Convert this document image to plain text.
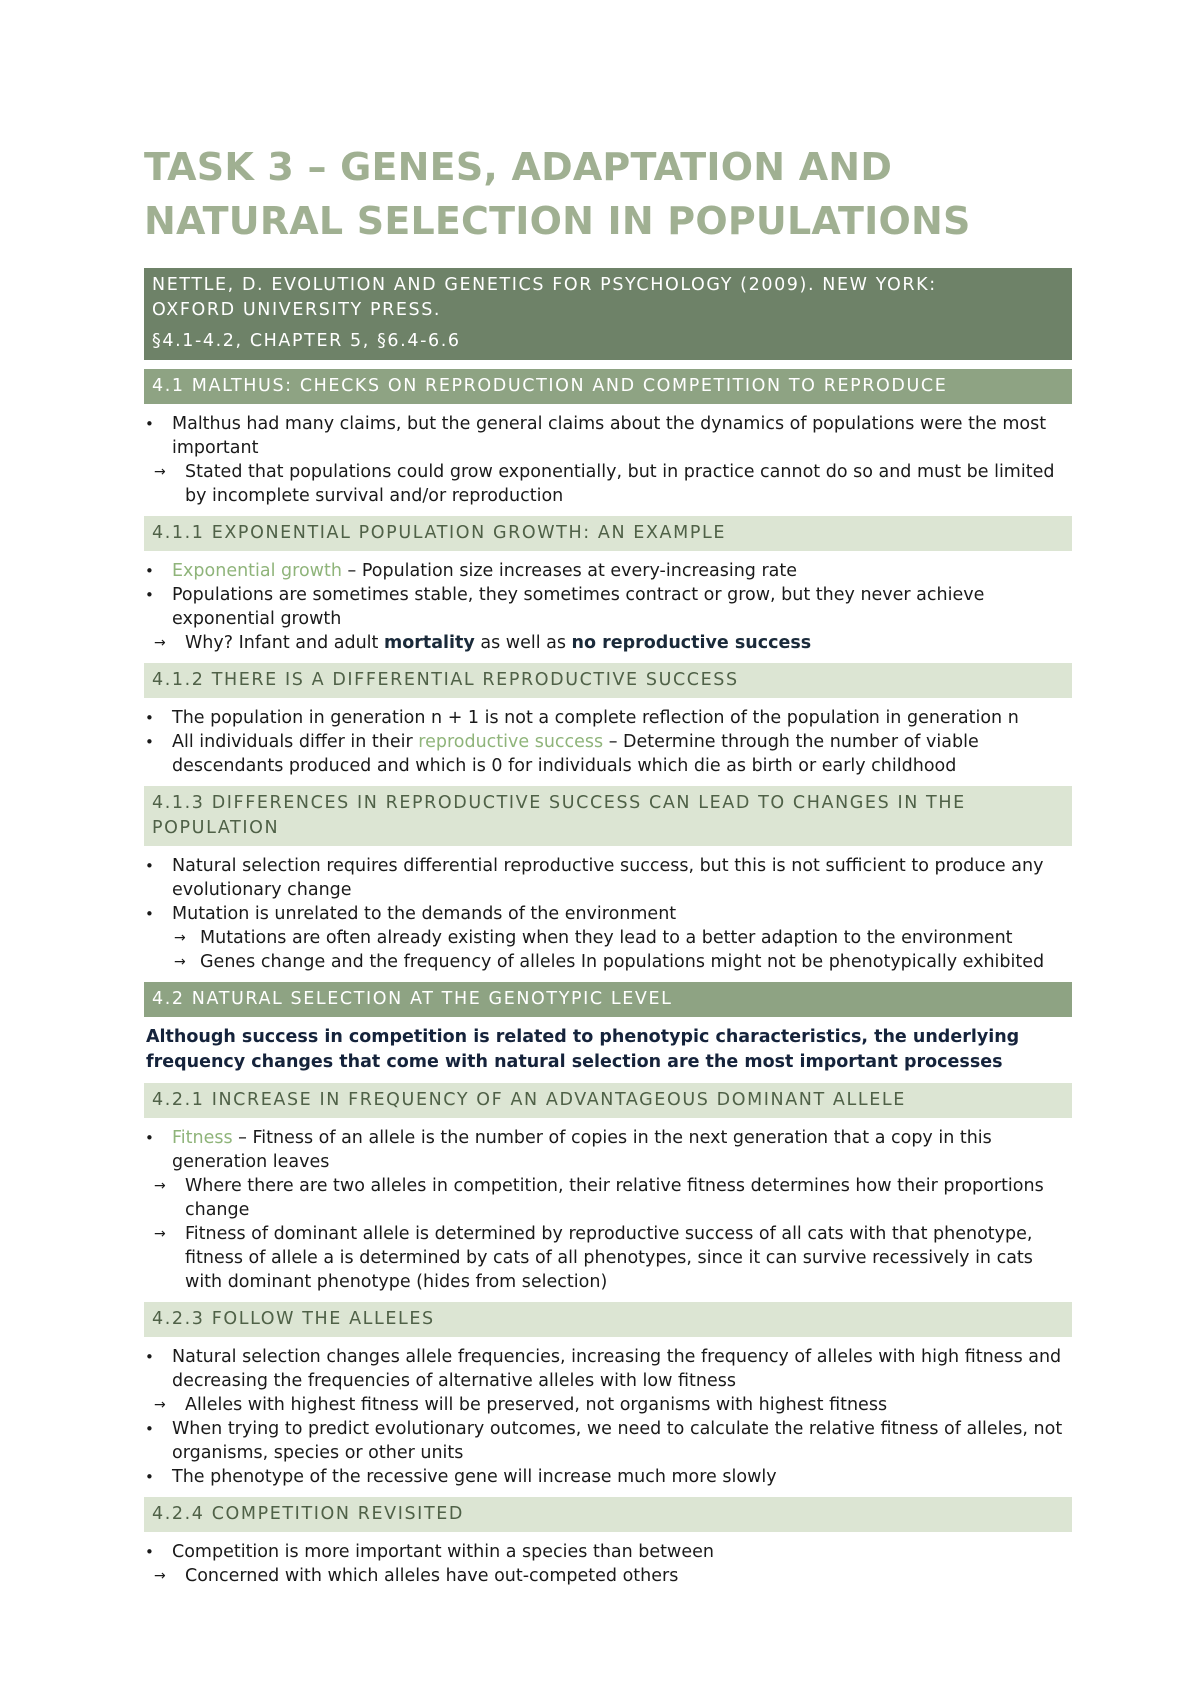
TASK 3 – GENES, ADAPTATION AND
NATURAL SELECTION IN POPULATIONS
NETTLE, D. EVOLUTION AND GENETICS FOR PSYCHOLOGY (2009). NEW YORK:
OXFORD UNIVERSITY PRESS.
§4.1-4.2, CHAPTER 5, §6.4-6.6
4.1 MALTHUS: CHECKS ON REPRODUCTION AND COMPETITION TO REPRODUCE
• Malthus had many claims, but the general claims about the dynamics of populations were the most important
→ Stated that populations could grow exponentially, but in practice cannot do so and must be limited by incomplete survival and/or reproduction
4.1.1 EXPONENTIAL POPULATION GROWTH: AN EXAMPLE
• Exponential growth – Population size increases at every-increasing rate
• Populations are sometimes stable, they sometimes contract or grow, but they never achieve exponential growth
→ Why? Infant and adult mortality as well as no reproductive success
4.1.2 THERE IS A DIFFERENTIAL REPRODUCTIVE SUCCESS
• The population in generation n + 1 is not a complete reflection of the population in generation n
• All individuals differ in their reproductive success – Determine through the number of viable descendants produced and which is 0 for individuals which die as birth or early childhood
4.1.3 DIFFERENCES IN REPRODUCTIVE SUCCESS CAN LEAD TO CHANGES IN THE POPULATION
• Natural selection requires differential reproductive success, but this is not sufficient to produce any evolutionary change
• Mutation is unrelated to the demands of the environment
→ Mutations are often already existing when they lead to a better adaption to the environment
→ Genes change and the frequency of alleles In populations might not be phenotypically exhibited
4.2 NATURAL SELECTION AT THE GENOTYPIC LEVEL
Although success in competition is related to phenotypic characteristics, the underlying frequency changes that come with natural selection are the most important processes
4.2.1 INCREASE IN FREQUENCY OF AN ADVANTAGEOUS DOMINANT ALLELE
• Fitness – Fitness of an allele is the number of copies in the next generation that a copy in this generation leaves
→ Where there are two alleles in competition, their relative fitness determines how their proportions change
→ Fitness of dominant allele is determined by reproductive success of all cats with that phenotype, fitness of allele a is determined by cats of all phenotypes, since it can survive recessively in cats with dominant phenotype (hides from selection)
4.2.3 FOLLOW THE ALLELES
• Natural selection changes allele frequencies, increasing the frequency of alleles with high fitness and decreasing the frequencies of alternative alleles with low fitness
→ Alleles with highest fitness will be preserved, not organisms with highest fitness
• When trying to predict evolutionary outcomes, we need to calculate the relative fitness of alleles, not organisms, species or other units
• The phenotype of the recessive gene will increase much more slowly
4.2.4 COMPETITION REVISITED
• Competition is more important within a species than between
→ Concerned with which alleles have out-competed others
